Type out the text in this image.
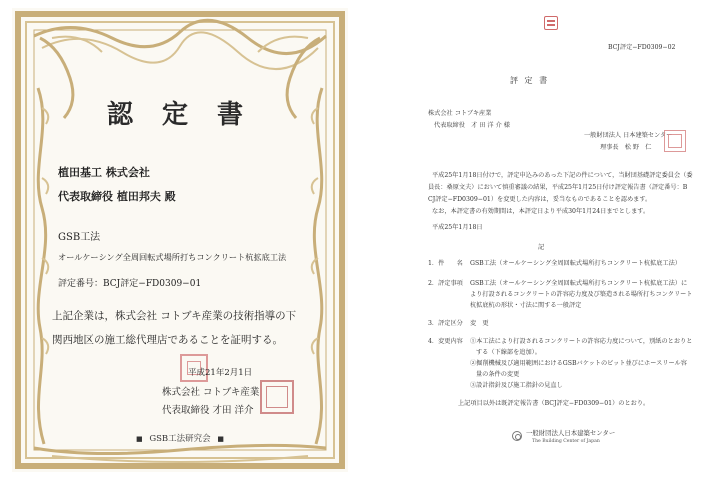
認 定 書
植田基工 株式会社
代表取締役 植田邦夫 殿
GSB工法
オールケーシング全周回転式場所打ちコンクリート杭拡底工法
評定番号：BCJ評定−FD0309−01
上記企業は，株式会社 コトブキ産業の技術指導の下
関西地区の施工総代理店であることを証明する。
平成21年2月1日
株式会社 コトブキ産業
代表取締役 才田 洋介
■ GSB工法研究会 ■
BCJ評定−FD0309−02
評 定 書
株式会社 コトブキ産業
代表取締役　才 田 洋 介 様
一般財団法人 日本建築センター
理事長　松 野　仁
平成25年1月18日付けで，評定申込みのあった下記の件について，当財団基礎評定委員会（委
員長：桑原文夫）において慎重審議の結果，平成25年1月25日付け評定報告書（評定番号：B
CJ評定−FD0309−01）を変更した内容は，妥当なものであることを認めます。
なお，本評定書の有効期間は，本評定日より平成30年1月24日までとします。
平成25年1月18日
記
1．件　　名 GSB工法（オールケーシング全周回転式場所打ちコンクリート杭拡底工法）
2．評定事項 GSB工法（オールケーシング全周回転式場所打ちコンクリート杭拡底工法）に
より打設されるコンクリートの許容応力度及び築造される場所打ちコンクリート
杭拡底杭の形状・寸法に関する一般評定
3．評定区分 変　更
4．変更内容 ①本工法により打設されるコンクリートの許容応力度について，別紙のとおりと
する（下線部を追加）。
②掘削機械及び適用範囲におけるGSBバケットのビット並びにホースリール容
量の条件の変更
③設計指針及び施工指針の見直し
上記項目以外は既評定報告書（BCJ評定−FD0309−01）のとおり。
一般財団法人日本建築センター
The Building Center of Japan
